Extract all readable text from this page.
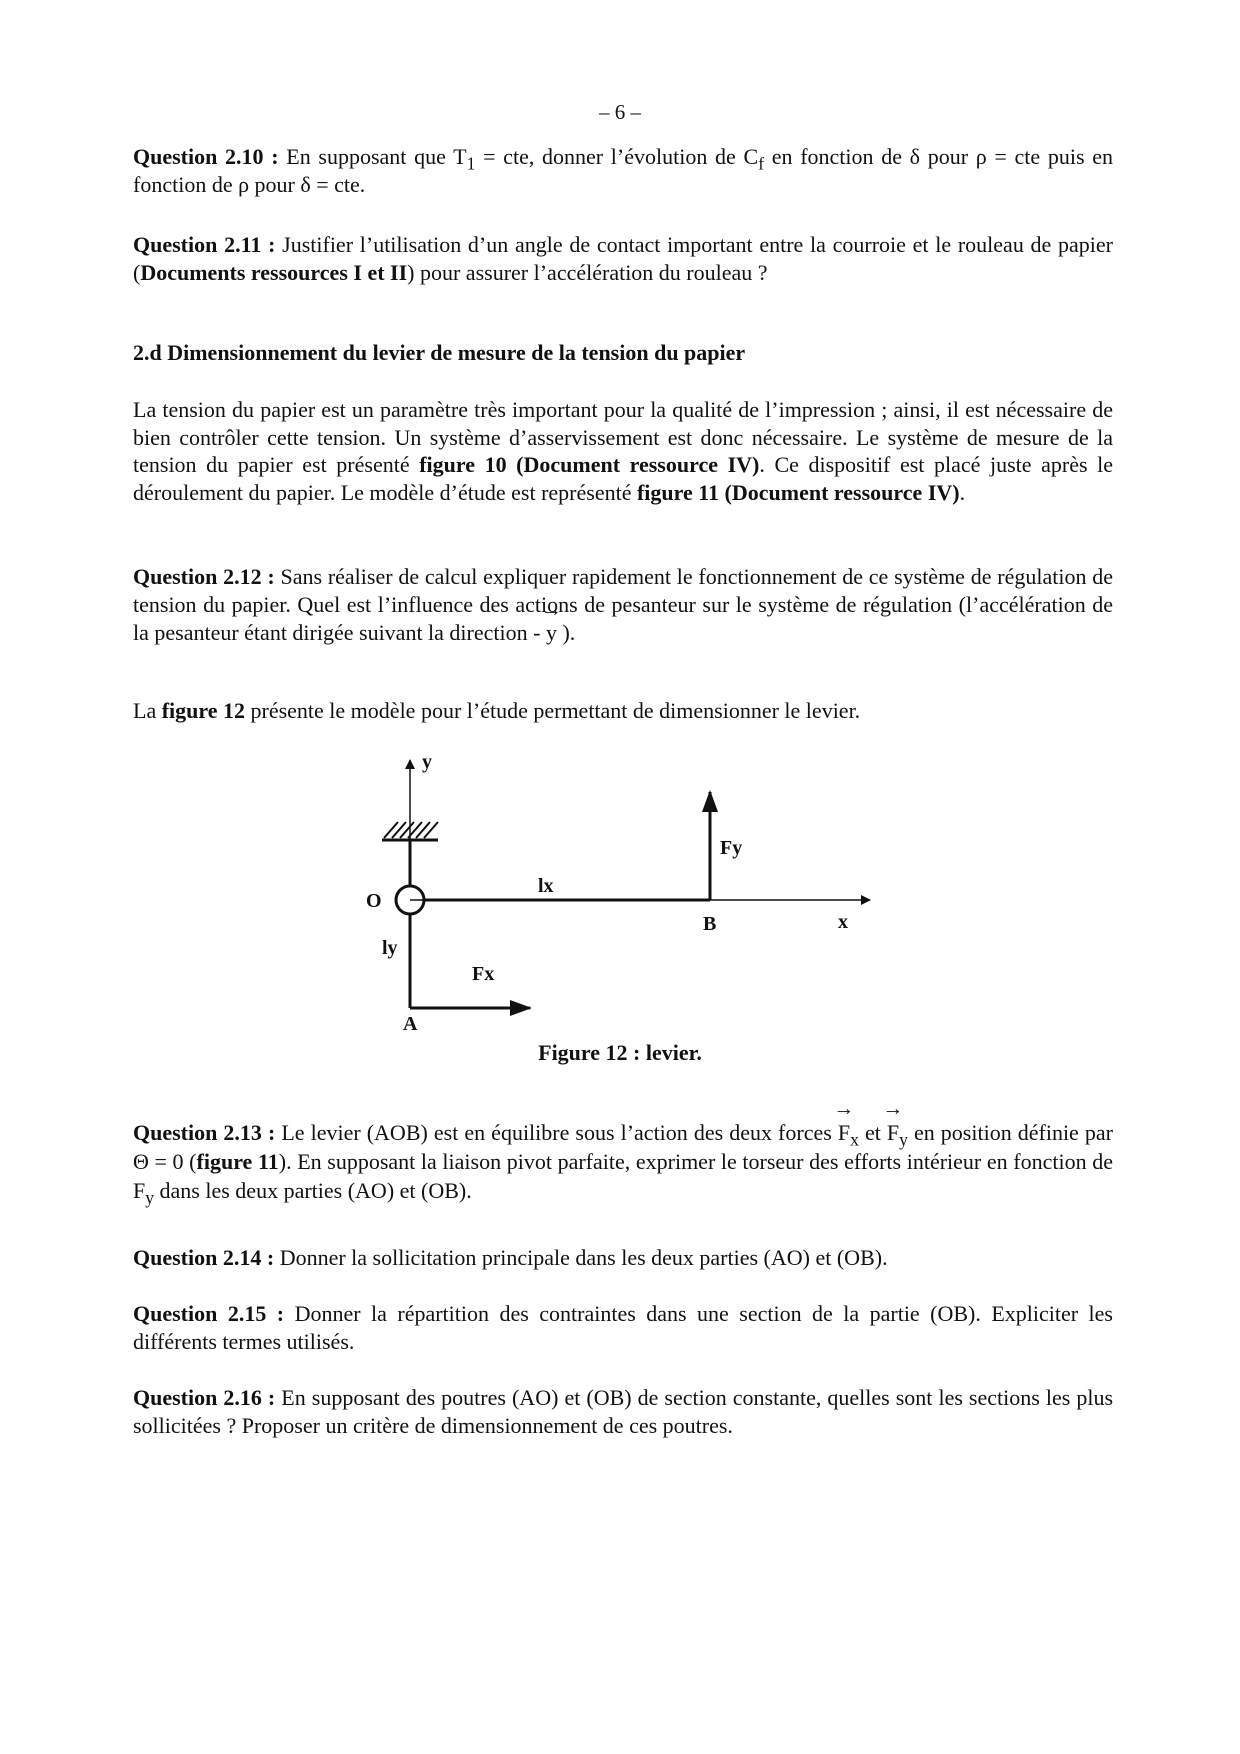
– 6 –

Question 2.10 : En supposant que $T_1$ = cte, donner l’évolution de $C_f$ en fonction de δ pour ρ = cte puis en fonction de ρ pour δ = cte.

Question 2.11 : Justifier l’utilisation d’un angle de contact important entre la courroie et le rouleau de papier (Documents ressources I et II) pour assurer l’accélération du rouleau ?

2.d Dimensionnement du levier de mesure de la tension du papier

La tension du papier est un paramètre très important pour la qualité de l’impression ; ainsi, il est nécessaire de bien contrôler cette tension. Un système d’asservissement est donc nécessaire. Le système de mesure de la tension du papier est présenté figure 10 (Document ressource IV). Ce dispositif est placé juste après le déroulement du papier. Le modèle d’étude est représenté figure 11 (Document ressource IV).

Question 2.12 : Sans réaliser de calcul expliquer rapidement le fonctionnement de ce système de régulation de tension du papier. Quel est l’influence des actions de pesanteur sur le système de régulation (l’accélération de la pesanteur étant dirigée suivant la direction - → y ).

La figure 12 présente le modèle pour l’étude permettant de dimensionner le levier.

y
O
x
lx
ly
A
Fx
Fy
B
Figure 12 : levier.

Question 2.13 : Le levier (AOB) est en équilibre sous l’action des deux forces → $F_x$ et → $F_y$ en position définie par Θ = 0 (figure 11). En supposant la liaison pivot parfaite, exprimer le torseur des efforts intérieur en fonction de $F_y$ dans les deux parties (AO) et (OB).

Question 2.14 : Donner la sollicitation principale dans les deux parties (AO) et (OB).

Question 2.15 : Donner la répartition des contraintes dans une section de la partie (OB). Expliciter les différents termes utilisés.

Question 2.16 : En supposant des poutres (AO) et (OB) de section constante, quelles sont les sections les plus sollicitées ? Proposer un critère de dimensionnement de ces poutres.
